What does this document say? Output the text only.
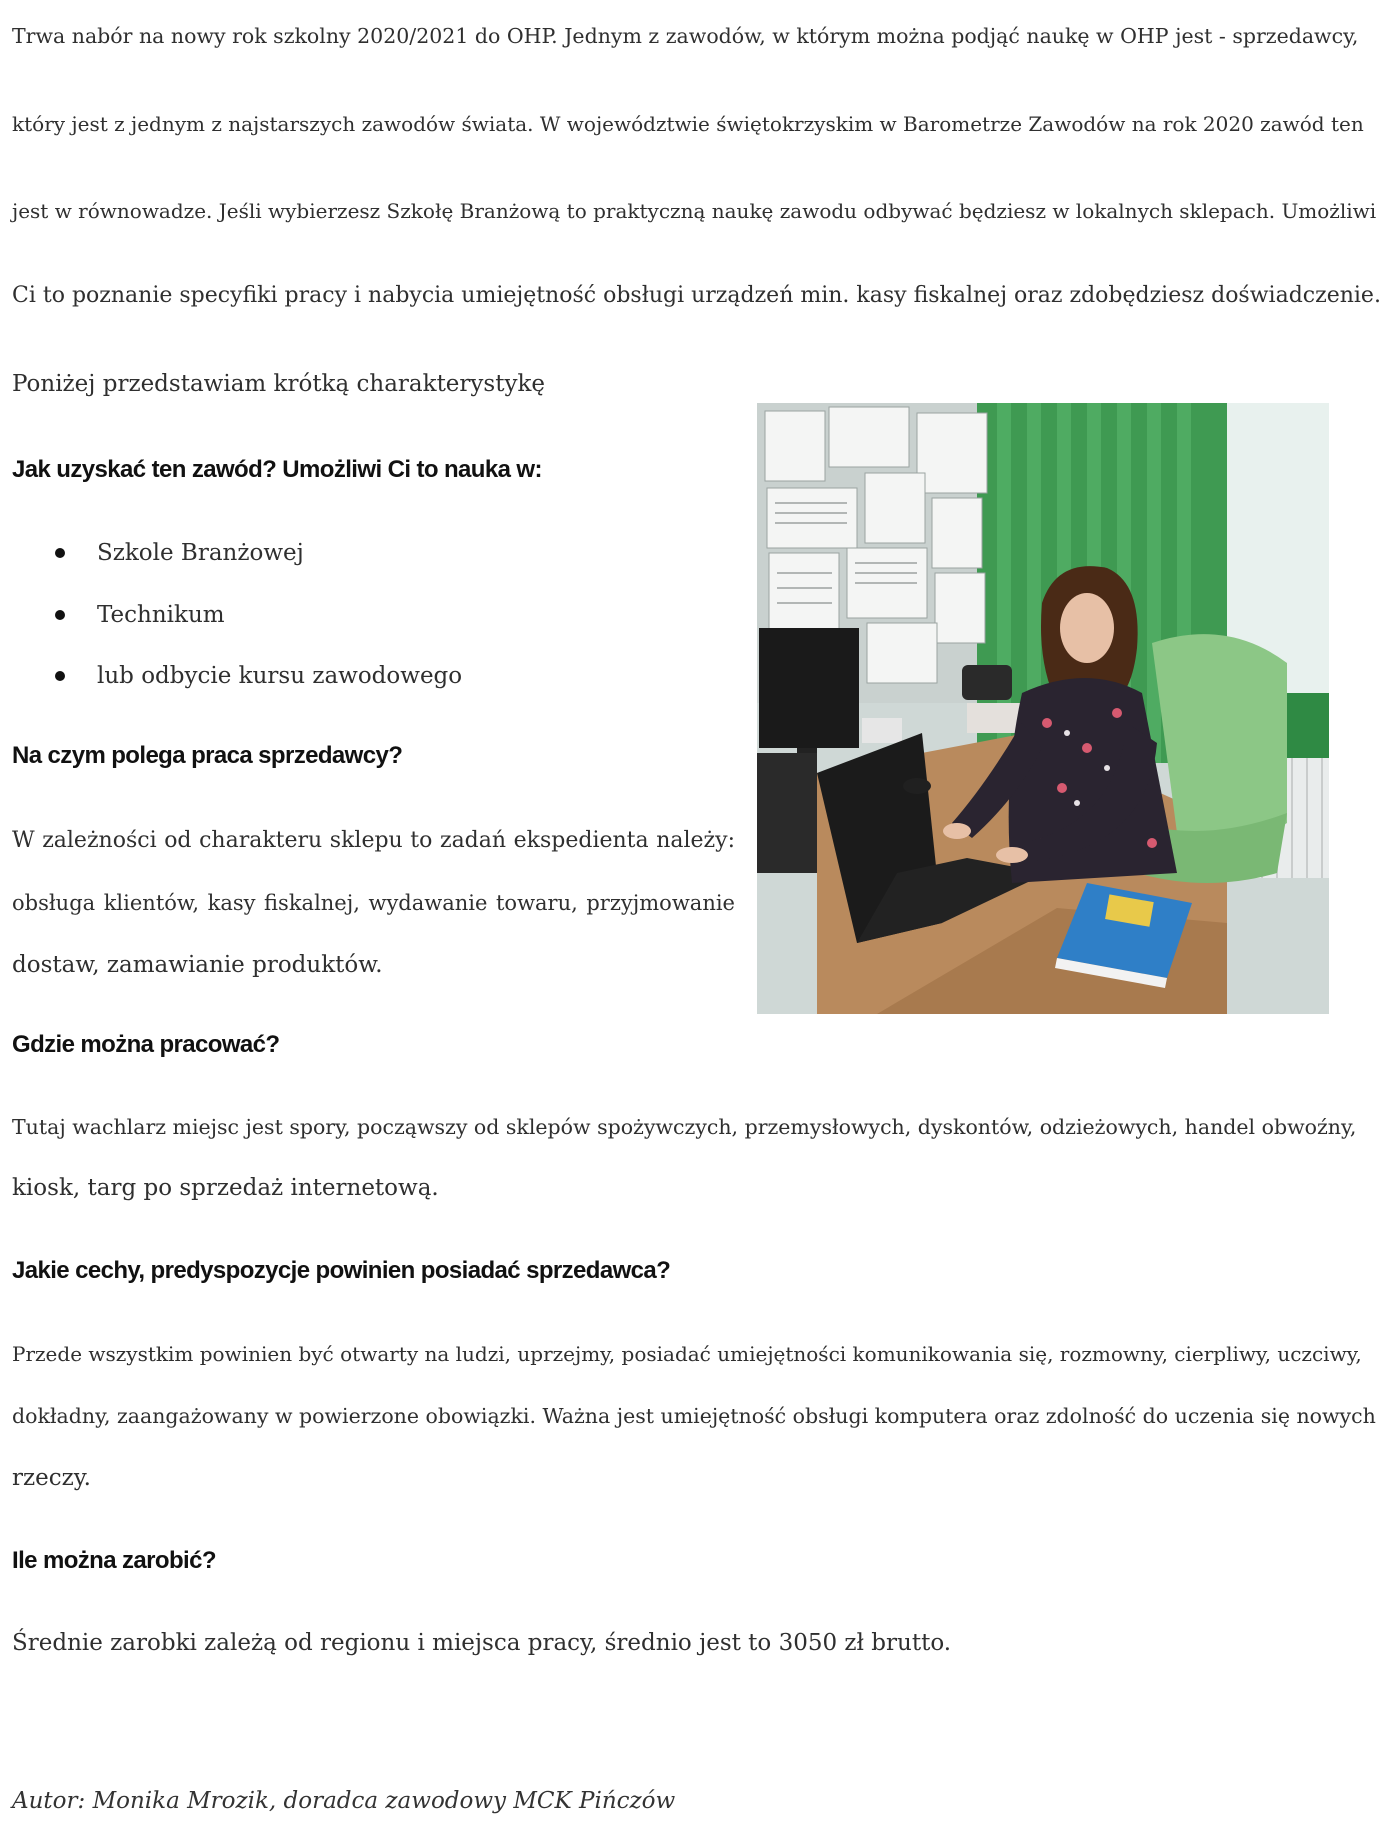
Trwa nabór na nowy rok szkolny 2020/2021 do OHP. Jednym z zawodów, w którym można podjąć naukę w OHP jest - sprzedawcy,
który jest z jednym z najstarszych zawodów świata. W województwie świętokrzyskim w Barometrze Zawodów na rok 2020 zawód ten
jest w równowadze. Jeśli wybierzesz Szkołę Branżową to praktyczną naukę zawodu odbywać będziesz w lokalnych sklepach. Umożliwi
Ci to poznanie specyfiki pracy i nabycia umiejętność obsługi urządzeń min. kasy fiskalnej oraz zdobędziesz doświadczenie.
Poniżej przedstawiam krótką charakterystykę
Jak uzyskać ten zawód? Umożliwi Ci to nauka w:
Szkole Branżowej
Technikum
lub odbycie kursu zawodowego
Na czym polega praca sprzedawcy?
W zależności od charakteru sklepu to zadań ekspedienta należy:
obsługa klientów, kasy fiskalnej, wydawanie towaru, przyjmowanie
dostaw, zamawianie produktów.
Gdzie można pracować?
Tutaj wachlarz miejsc jest spory, począwszy od sklepów spożywczych, przemysłowych, dyskontów, odzieżowych, handel obwoźny,
kiosk, targ po sprzedaż internetową.
Jakie cechy, predyspozycje powinien posiadać sprzedawca?
Przede wszystkim powinien być otwarty na ludzi, uprzejmy, posiadać umiejętności komunikowania się, rozmowny, cierpliwy, uczciwy,
dokładny, zaangażowany w powierzone obowiązki. Ważna jest umiejętność obsługi komputera oraz zdolność do uczenia się nowych
rzeczy.
Ile można zarobić?
Średnie zarobki zależą od regionu i miejsca pracy, średnio jest to 3050 zł brutto.
Autor: Monika Mrozik, doradca zawodowy MCK Pińczów
